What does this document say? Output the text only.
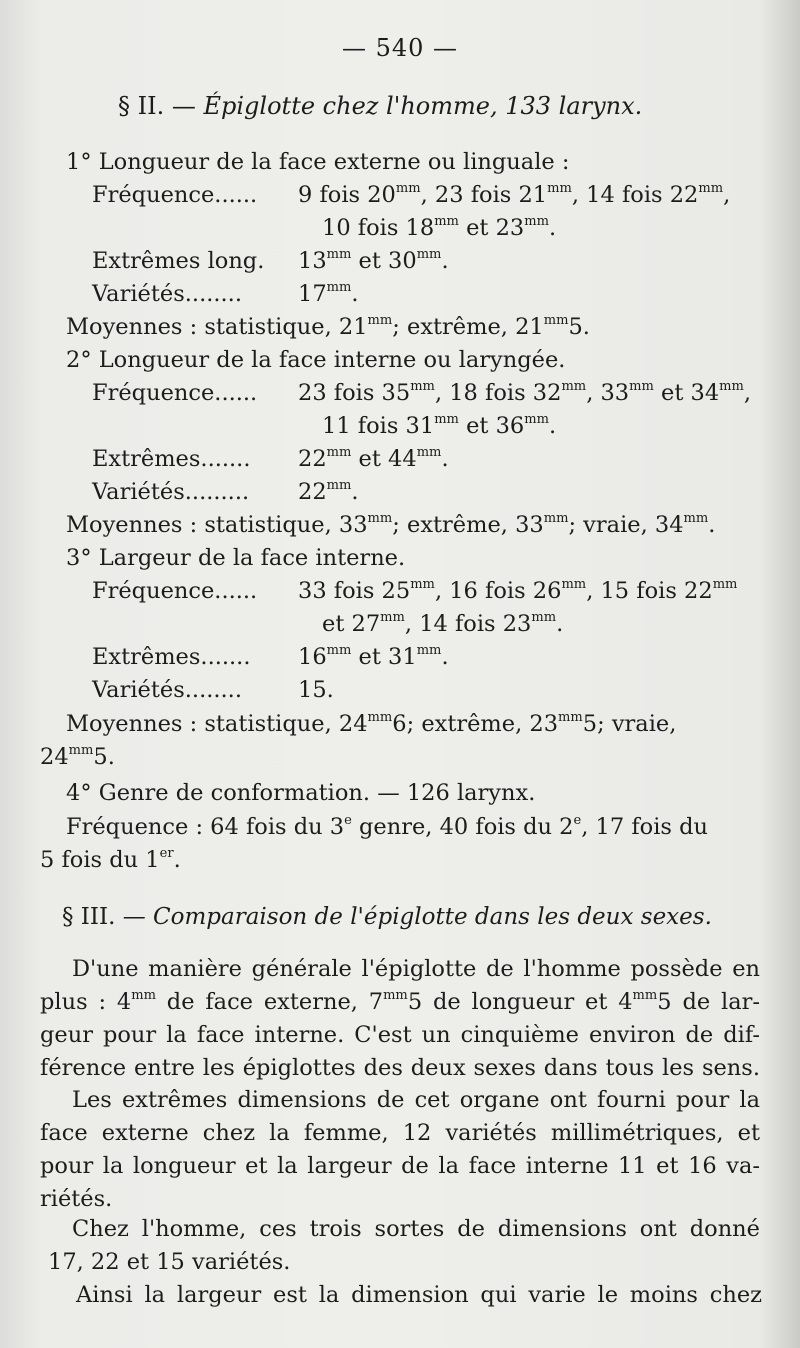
— 540 —
§ II. — Épiglotte chez l'homme, 133 larynx.
1° Longueur de la face externe ou linguale :
Fréquence...... 9 fois $20^{mm}$, 23 fois $21^{mm}$, 14 fois $22^{mm}$,
10 fois $18^{mm}$ et $23^{mm}$.
Extrêmes long. $13^{mm}$ et $30^{mm}$.
Variétés........ $17^{mm}$.
Moyennes : statistique, $21^{mm}$; extrême, $21^{mm}5$.
2° Longueur de la face interne ou laryngée.
Fréquence...... 23 fois $35^{mm}$, 18 fois $32^{mm}$, $33^{mm}$ et $34^{mm}$,
11 fois $31^{mm}$ et $36^{mm}$.
Extrêmes....... $22^{mm}$ et $44^{mm}$.
Variétés......... $22^{mm}$.
Moyennes : statistique, $33^{mm}$; extrême, $33^{mm}$; vraie, $34^{mm}$.
3° Largeur de la face interne.
Fréquence...... 33 fois $25^{mm}$, 16 fois $26^{mm}$, 15 fois $22^{mm}$
et $27^{mm}$, 14 fois $23^{mm}$.
Extrêmes....... $16^{mm}$ et $31^{mm}$.
Variétés........ 15.
Moyennes : statistique, $24^{mm}6$; extrême, $23^{mm}5$; vraie,
$24^{mm}5$.
4° Genre de conformation. — 126 larynx.
Fréquence : 64 fois du 3e genre, 40 fois du 2e, 17 fois du
5 fois du 1er.
§ III. — Comparaison de l'épiglotte dans les deux sexes.
D'une manière générale l'épiglotte de l'homme possède en
plus : $4^{mm}$ de face externe, $7^{mm}5$ de longueur et $4^{mm}5$ de lar-
geur pour la face interne. C'est un cinquième environ de dif-
férence entre les épiglottes des deux sexes dans tous les sens.
Les extrêmes dimensions de cet organe ont fourni pour la
face externe chez la femme, 12 variétés millimétriques, et
pour la longueur et la largeur de la face interne 11 et 16 va-
riétés.
Chez l'homme, ces trois sortes de dimensions ont donné
17, 22 et 15 variétés.
Ainsi la largeur est la dimension qui varie le moins chez
